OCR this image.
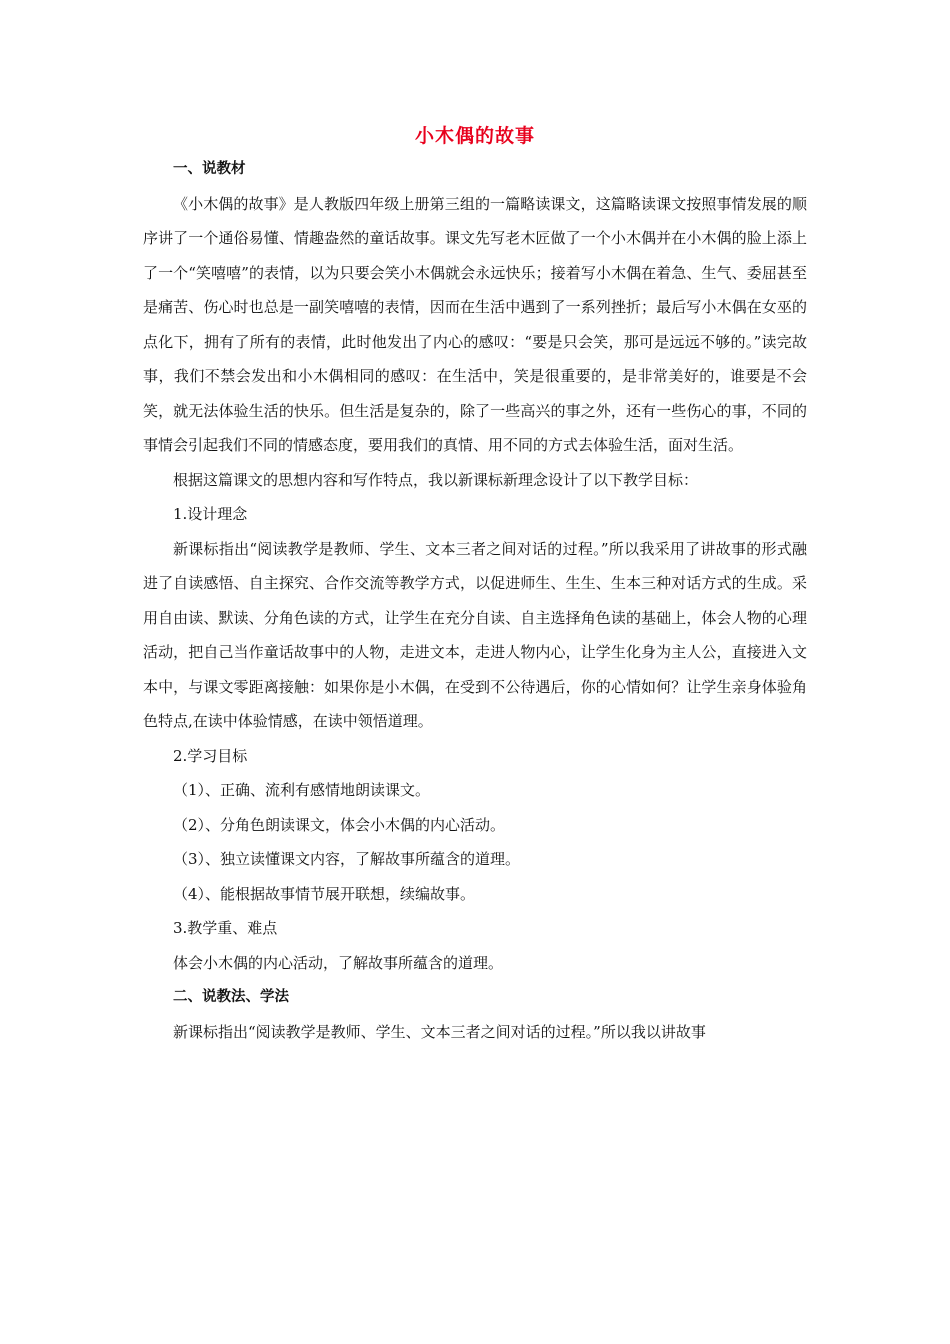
小木偶的故事

一、说教材

《小木偶的故事》是人教版四年级上册第三组的一篇略读课文，这篇略读课文按照事情发展的顺序讲了一个通俗易懂、情趣盎然的童话故事。课文先写老木匠做了一个小木偶并在小木偶的脸上添上了一个“笑嘻嘻”的表情，以为只要会笑小木偶就会永远快乐；接着写小木偶在着急、生气、委屈甚至是痛苦、伤心时也总是一副笑嘻嘻的表情，因而在生活中遇到了一系列挫折；最后写小木偶在女巫的点化下，拥有了所有的表情，此时他发出了内心的感叹：“要是只会笑，那可是远远不够的。”读完故事，我们不禁会发出和小木偶相同的感叹：在生活中，笑是很重要的，是非常美好的，谁要是不会笑，就无法体验生活的快乐。但生活是复杂的，除了一些高兴的事之外，还有一些伤心的事，不同的事情会引起我们不同的情感态度，要用我们的真情、用不同的方式去体验生活，面对生活。

根据这篇课文的思想内容和写作特点，我以新课标新理念设计了以下教学目标：

1.设计理念

新课标指出“阅读教学是教师、学生、文本三者之间对话的过程。”所以我采用了讲故事的形式融进了自读感悟、自主探究、合作交流等教学方式，以促进师生、生生、生本三种对话方式的生成。采用自由读、默读、分角色读的方式，让学生在充分自读、自主选择角色读的基础上，体会人物的心理活动，把自己当作童话故事中的人物，走进文本，走进人物内心，让学生化身为主人公，直接进入文本中，与课文零距离接触：如果你是小木偶，在受到不公待遇后，你的心情如何？让学生亲身体验角色特点,在读中体验情感，在读中领悟道理。

2.学习目标

（1）、正确、流利有感情地朗读课文。

（2）、分角色朗读课文，体会小木偶的内心活动。

（3）、独立读懂课文内容，了解故事所蕴含的道理。

（4）、能根据故事情节展开联想，续编故事。

3.教学重、难点

体会小木偶的内心活动，了解故事所蕴含的道理。

二、说教法、学法

新课标指出“阅读教学是教师、学生、文本三者之间对话的过程。”所以我以讲故事
